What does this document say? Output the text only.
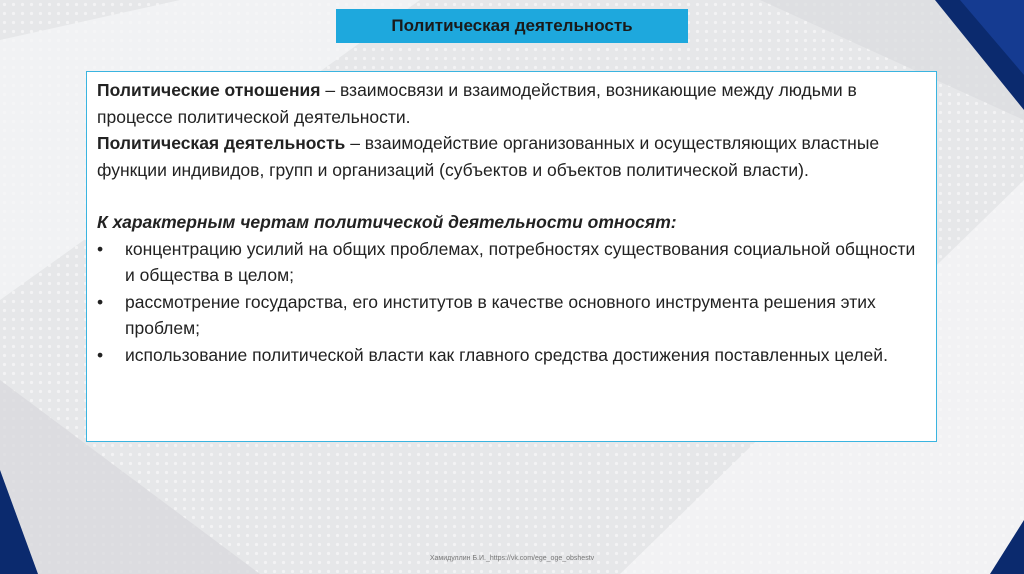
Политическая деятельность

Политические отношения – взаимосвязи и взаимодействия, возникающие между людьми в процессе политической деятельности.

Политическая деятельность – взаимодействие организованных и осуществляющих властные функции индивидов, групп и организаций (субъектов и объектов политической власти).

К характерным чертам политической деятельности относят:

• концентрацию усилий на общих проблемах, потребностях существования социальной общности и общества в целом;
• рассмотрение государства, его институтов в качестве основного инструмента решения этих проблем;
• использование политической власти как главного средства достижения поставленных целей.
Хамидуллин Б.И._https://vk.com/ege_oge_obshestv
